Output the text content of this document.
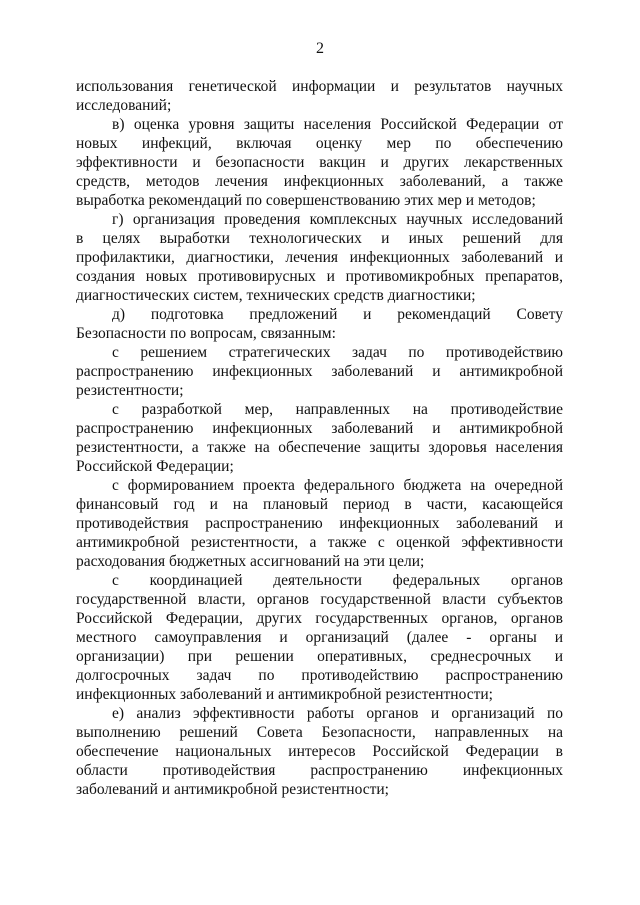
2
использования генетической информации и результатов научных
исследований;
в) оценка уровня защиты населения Российской Федерации от
новых инфекций, включая оценку мер по обеспечению
эффективности и безопасности вакцин и других лекарственных
средств, методов лечения инфекционных заболеваний, а также
выработка рекомендаций по совершенствованию этих мер и методов;
г) организация проведения комплексных научных исследований
в целях выработки технологических и иных решений для
профилактики, диагностики, лечения инфекционных заболеваний и
создания новых противовирусных и противомикробных препаратов,
диагностических систем, технических средств диагностики;
д) подготовка предложений и рекомендаций Совету
Безопасности по вопросам, связанным:
с решением стратегических задач по противодействию
распространению инфекционных заболеваний и антимикробной
резистентности;
с разработкой мер, направленных на противодействие
распространению инфекционных заболеваний и антимикробной
резистентности, а также на обеспечение защиты здоровья населения
Российской Федерации;
с формированием проекта федерального бюджета на очередной
финансовый год и на плановый период в части, касающейся
противодействия распространению инфекционных заболеваний и
антимикробной резистентности, а также с оценкой эффективности
расходования бюджетных ассигнований на эти цели;
с координацией деятельности федеральных органов
государственной власти, органов государственной власти субъектов
Российской Федерации, других государственных органов, органов
местного самоуправления и организаций (далее - органы и
организации) при решении оперативных, среднесрочных и
долгосрочных задач по противодействию распространению
инфекционных заболеваний и антимикробной резистентности;
е) анализ эффективности работы органов и организаций по
выполнению решений Совета Безопасности, направленных на
обеспечение национальных интересов Российской Федерации в
области противодействия распространению инфекционных
заболеваний и антимикробной резистентности;
